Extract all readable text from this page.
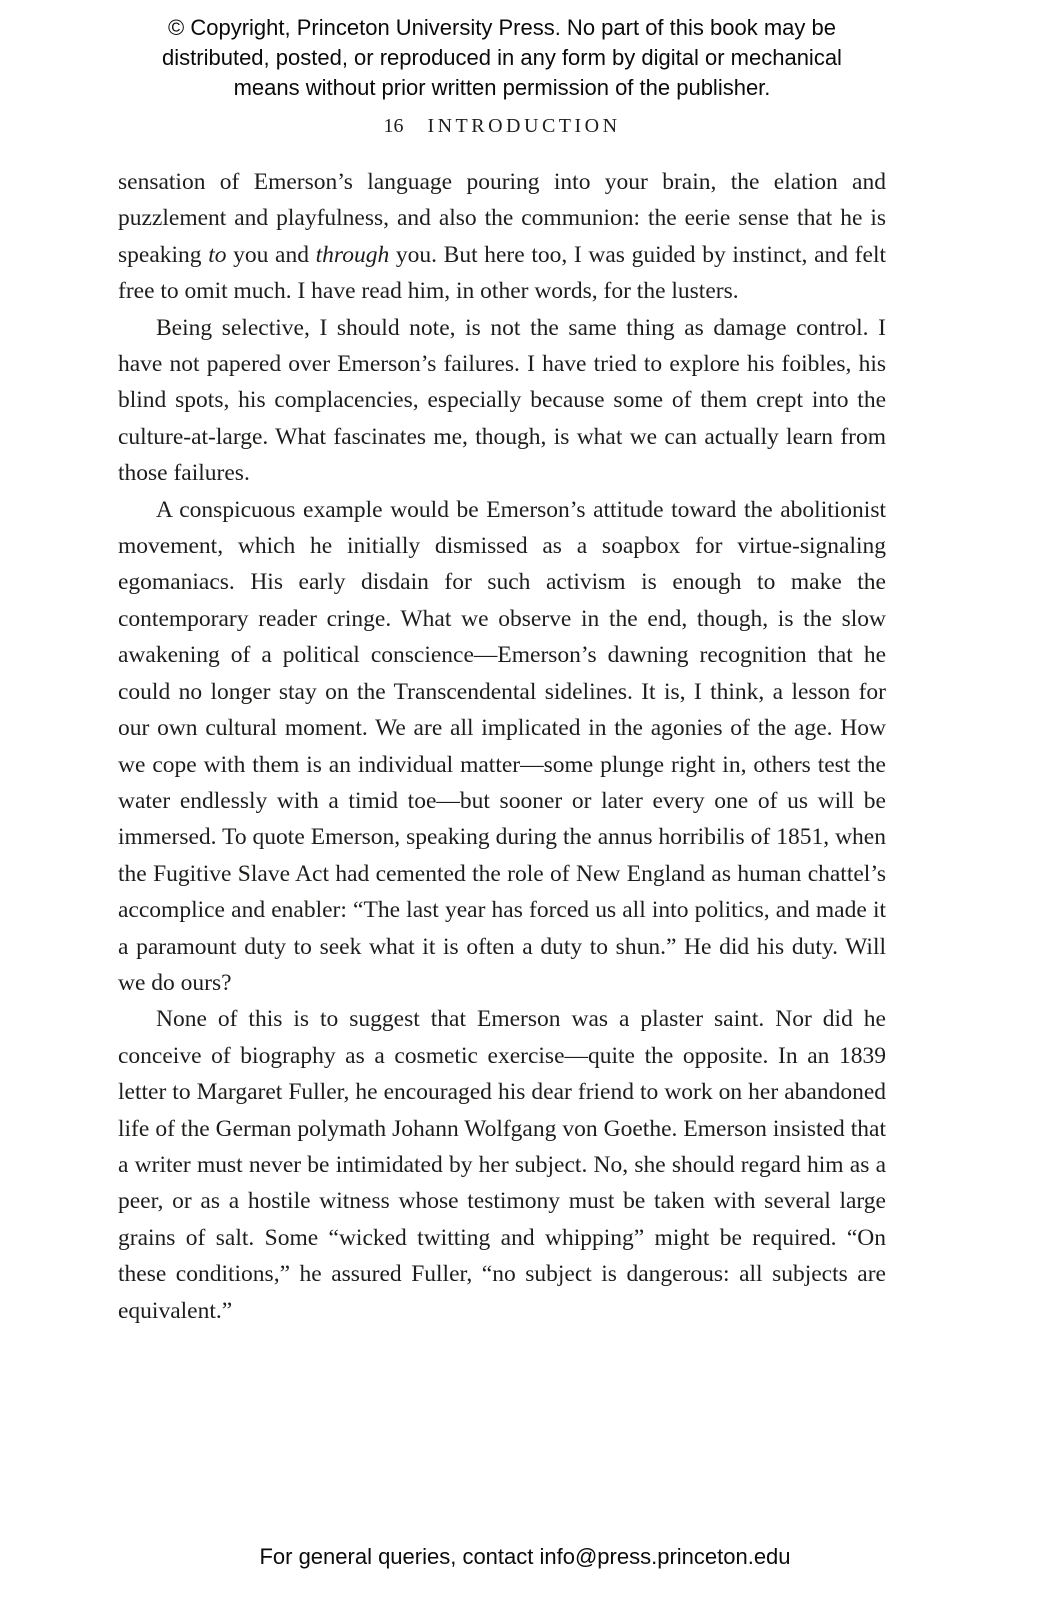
© Copyright, Princeton University Press. No part of this book may be
distributed, posted, or reproduced in any form by digital or mechanical
means without prior written permission of the publisher.
16 INTRODUCTION

sensation of Emerson’s language pouring into your brain, the elation and puzzlement and playfulness, and also the communion: the eerie sense that he is speaking to you and through you. But here too, I was guided by instinct, and felt free to omit much. I have read him, in other words, for the lusters.

Being selective, I should note, is not the same thing as damage control. I have not papered over Emerson’s failures. I have tried to explore his foibles, his blind spots, his complacencies, especially because some of them crept into the culture-at-large. What fascinates me, though, is what we can actually learn from those failures.

A conspicuous example would be Emerson’s attitude toward the abolitionist movement, which he initially dismissed as a soapbox for virtue-signaling egomaniacs. His early disdain for such activism is enough to make the contemporary reader cringe. What we observe in the end, though, is the slow awakening of a political conscience—Emerson’s dawning recognition that he could no longer stay on the Transcendental sidelines. It is, I think, a lesson for our own cultural moment. We are all implicated in the agonies of the age. How we cope with them is an individual matter—some plunge right in, others test the water endlessly with a timid toe—but sooner or later every one of us will be immersed. To quote Emerson, speaking during the annus horribilis of 1851, when the Fugitive Slave Act had cemented the role of New England as human chattel’s accomplice and enabler: “The last year has forced us all into politics, and made it a paramount duty to seek what it is often a duty to shun.” He did his duty. Will we do ours?

None of this is to suggest that Emerson was a plaster saint. Nor did he conceive of biography as a cosmetic exercise—quite the opposite. In an 1839 letter to Margaret Fuller, he encouraged his dear friend to work on her abandoned life of the German polymath Johann Wolfgang von Goethe. Emerson insisted that a writer must never be intimidated by her subject. No, she should regard him as a peer, or as a hostile witness whose testimony must be taken with several large grains of salt. Some “wicked twitting and whipping” might be required. “On these conditions,” he assured Fuller, “no subject is dangerous: all subjects are equivalent.”

For general queries, contact info@press.princeton.edu
